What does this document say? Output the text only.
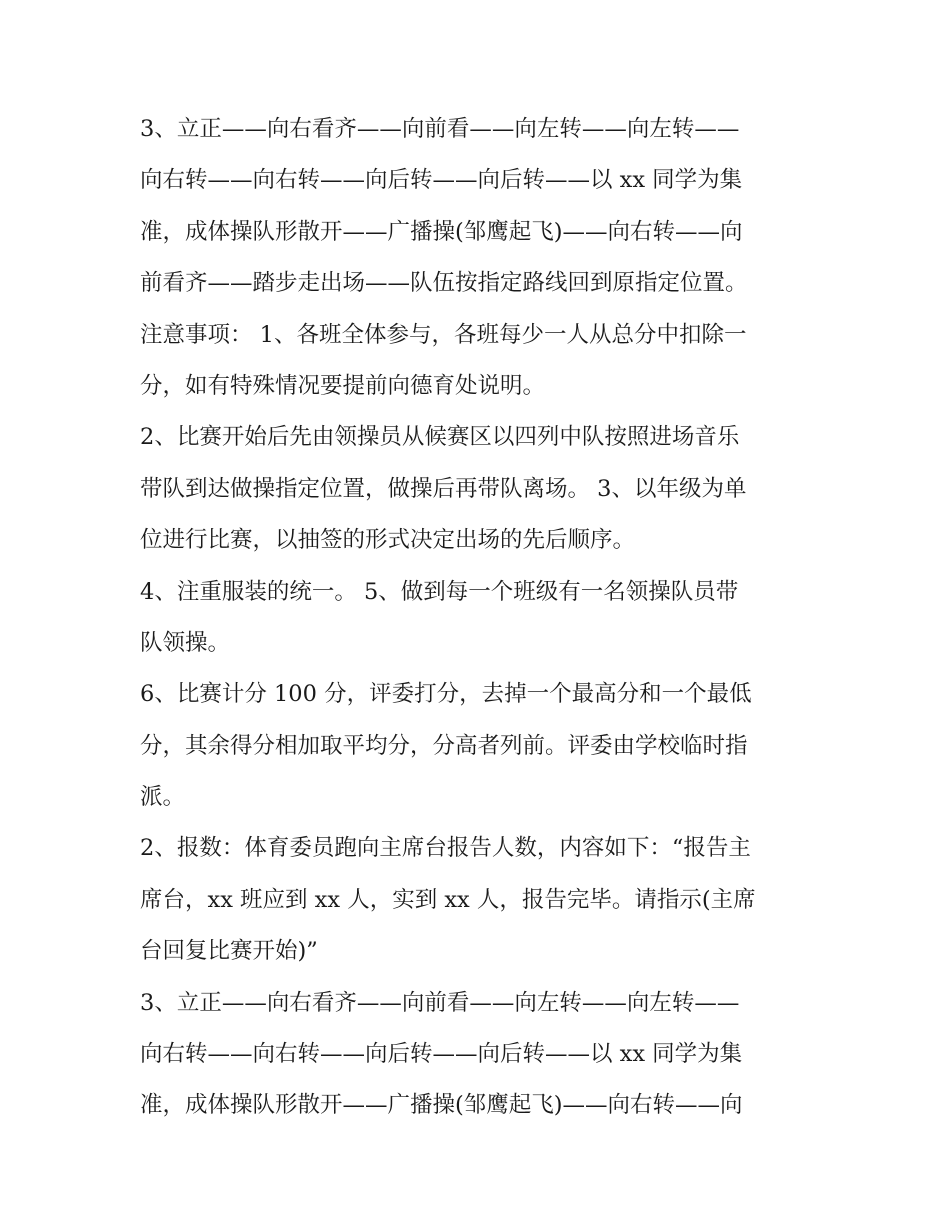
3、立正——向右看齐——向前看——向左转——向左转——
向右转——向右转——向后转——向后转——以 xx 同学为集
准，成体操队形散开——广播操(邹鹰起飞)——向右转——向
前看齐——踏步走出场——队伍按指定路线回到原指定位置。
注意事项： 1、各班全体参与，各班每少一人从总分中扣除一
分，如有特殊情况要提前向德育处说明。
2、比赛开始后先由领操员从候赛区以四列中队按照进场音乐
带队到达做操指定位置，做操后再带队离场。 3、以年级为单
位进行比赛，以抽签的形式决定出场的先后顺序。
4、注重服装的统一。 5、做到每一个班级有一名领操队员带
队领操。
6、比赛计分 100 分，评委打分，去掉一个最高分和一个最低
分，其余得分相加取平均分，分高者列前。评委由学校临时指
派。
2、报数：体育委员跑向主席台报告人数，内容如下：“报告主
席台，xx 班应到 xx 人，实到 xx 人，报告完毕。请指示(主席
台回复比赛开始)”
3、立正——向右看齐——向前看——向左转——向左转——
向右转——向右转——向后转——向后转——以 xx 同学为集
准，成体操队形散开——广播操(邹鹰起飞)——向右转——向
